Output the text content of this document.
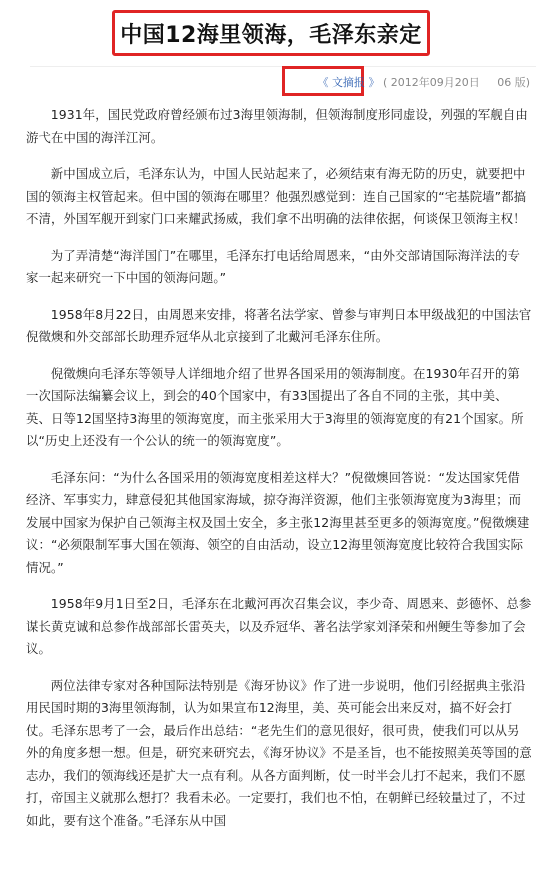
中国12海里领海，毛泽东亲定
《 文摘报 》 ( 2012年09月20日 06 版)

1931年，国民党政府曾经颁布过3海里领海制，但领海制度形同虚设，列强的军舰自由游弋在中国的海洋江河。

新中国成立后，毛泽东认为，中国人民站起来了，必须结束有海无防的历史，就要把中国的领海主权管起来。但中国的领海在哪里？他强烈感觉到：连自己国家的“宅基院墙”都搞不清，外国军舰开到家门口来耀武扬威，我们拿不出明确的法律依据，何谈保卫领海主权！

为了弄清楚“海洋国门”在哪里，毛泽东打电话给周恩来，“由外交部请国际海洋法的专家一起来研究一下中国的领海问题。”

1958年8月22日，由周恩来安排，将著名法学家、曾参与审判日本甲级战犯的中国法官倪徵燠和外交部部长助理乔冠华从北京接到了北戴河毛泽东住所。

倪徵燠向毛泽东等领导人详细地介绍了世界各国采用的领海制度。在1930年召开的第一次国际法编纂会议上，到会的40个国家中，有33国提出了各自不同的主张，其中美、英、日等12国坚持3海里的领海宽度，而主张采用大于3海里的领海宽度的有21个国家。所以“历史上还没有一个公认的统一的领海宽度”。

毛泽东问：“为什么各国采用的领海宽度相差这样大？”倪徵燠回答说：“发达国家凭借经济、军事实力，肆意侵犯其他国家海域，掠夺海洋资源，他们主张领海宽度为3海里；而发展中国家为保护自己领海主权及国土安全，多主张12海里甚至更多的领海宽度。”倪徵燠建议：“必须限制军事大国在领海、领空的自由活动，设立12海里领海宽度比较符合我国实际情况。”

1958年9月1日至2日，毛泽东在北戴河再次召集会议，李少奇、周恩来、彭德怀、总参谋长黄克诚和总参作战部部长雷英夫，以及乔冠华、著名法学家刘泽荣和州鲠生等参加了会议。

两位法律专家对各种国际法特别是《海牙协议》作了进一步说明，他们引经据典主张沿用民国时期的3海里领海制，认为如果宣布12海里，美、英可能会出来反对，搞不好会打仗。毛泽东思考了一会，最后作出总结：“老先生们的意见很好，很可贵，使我们可以从另外的角度多想一想。但是，研究来研究去，《海牙协议》不是圣旨，也不能按照美英等国的意志办，我们的领海线还是扩大一点有利。从各方面判断，仗一时半会儿打不起来，我们不愿打，帝国主义就那么想打？我看未必。一定要打，我们也不怕，在朝鲜已经较量过了，不过如此，要有这个准备。”毛泽东从中国
